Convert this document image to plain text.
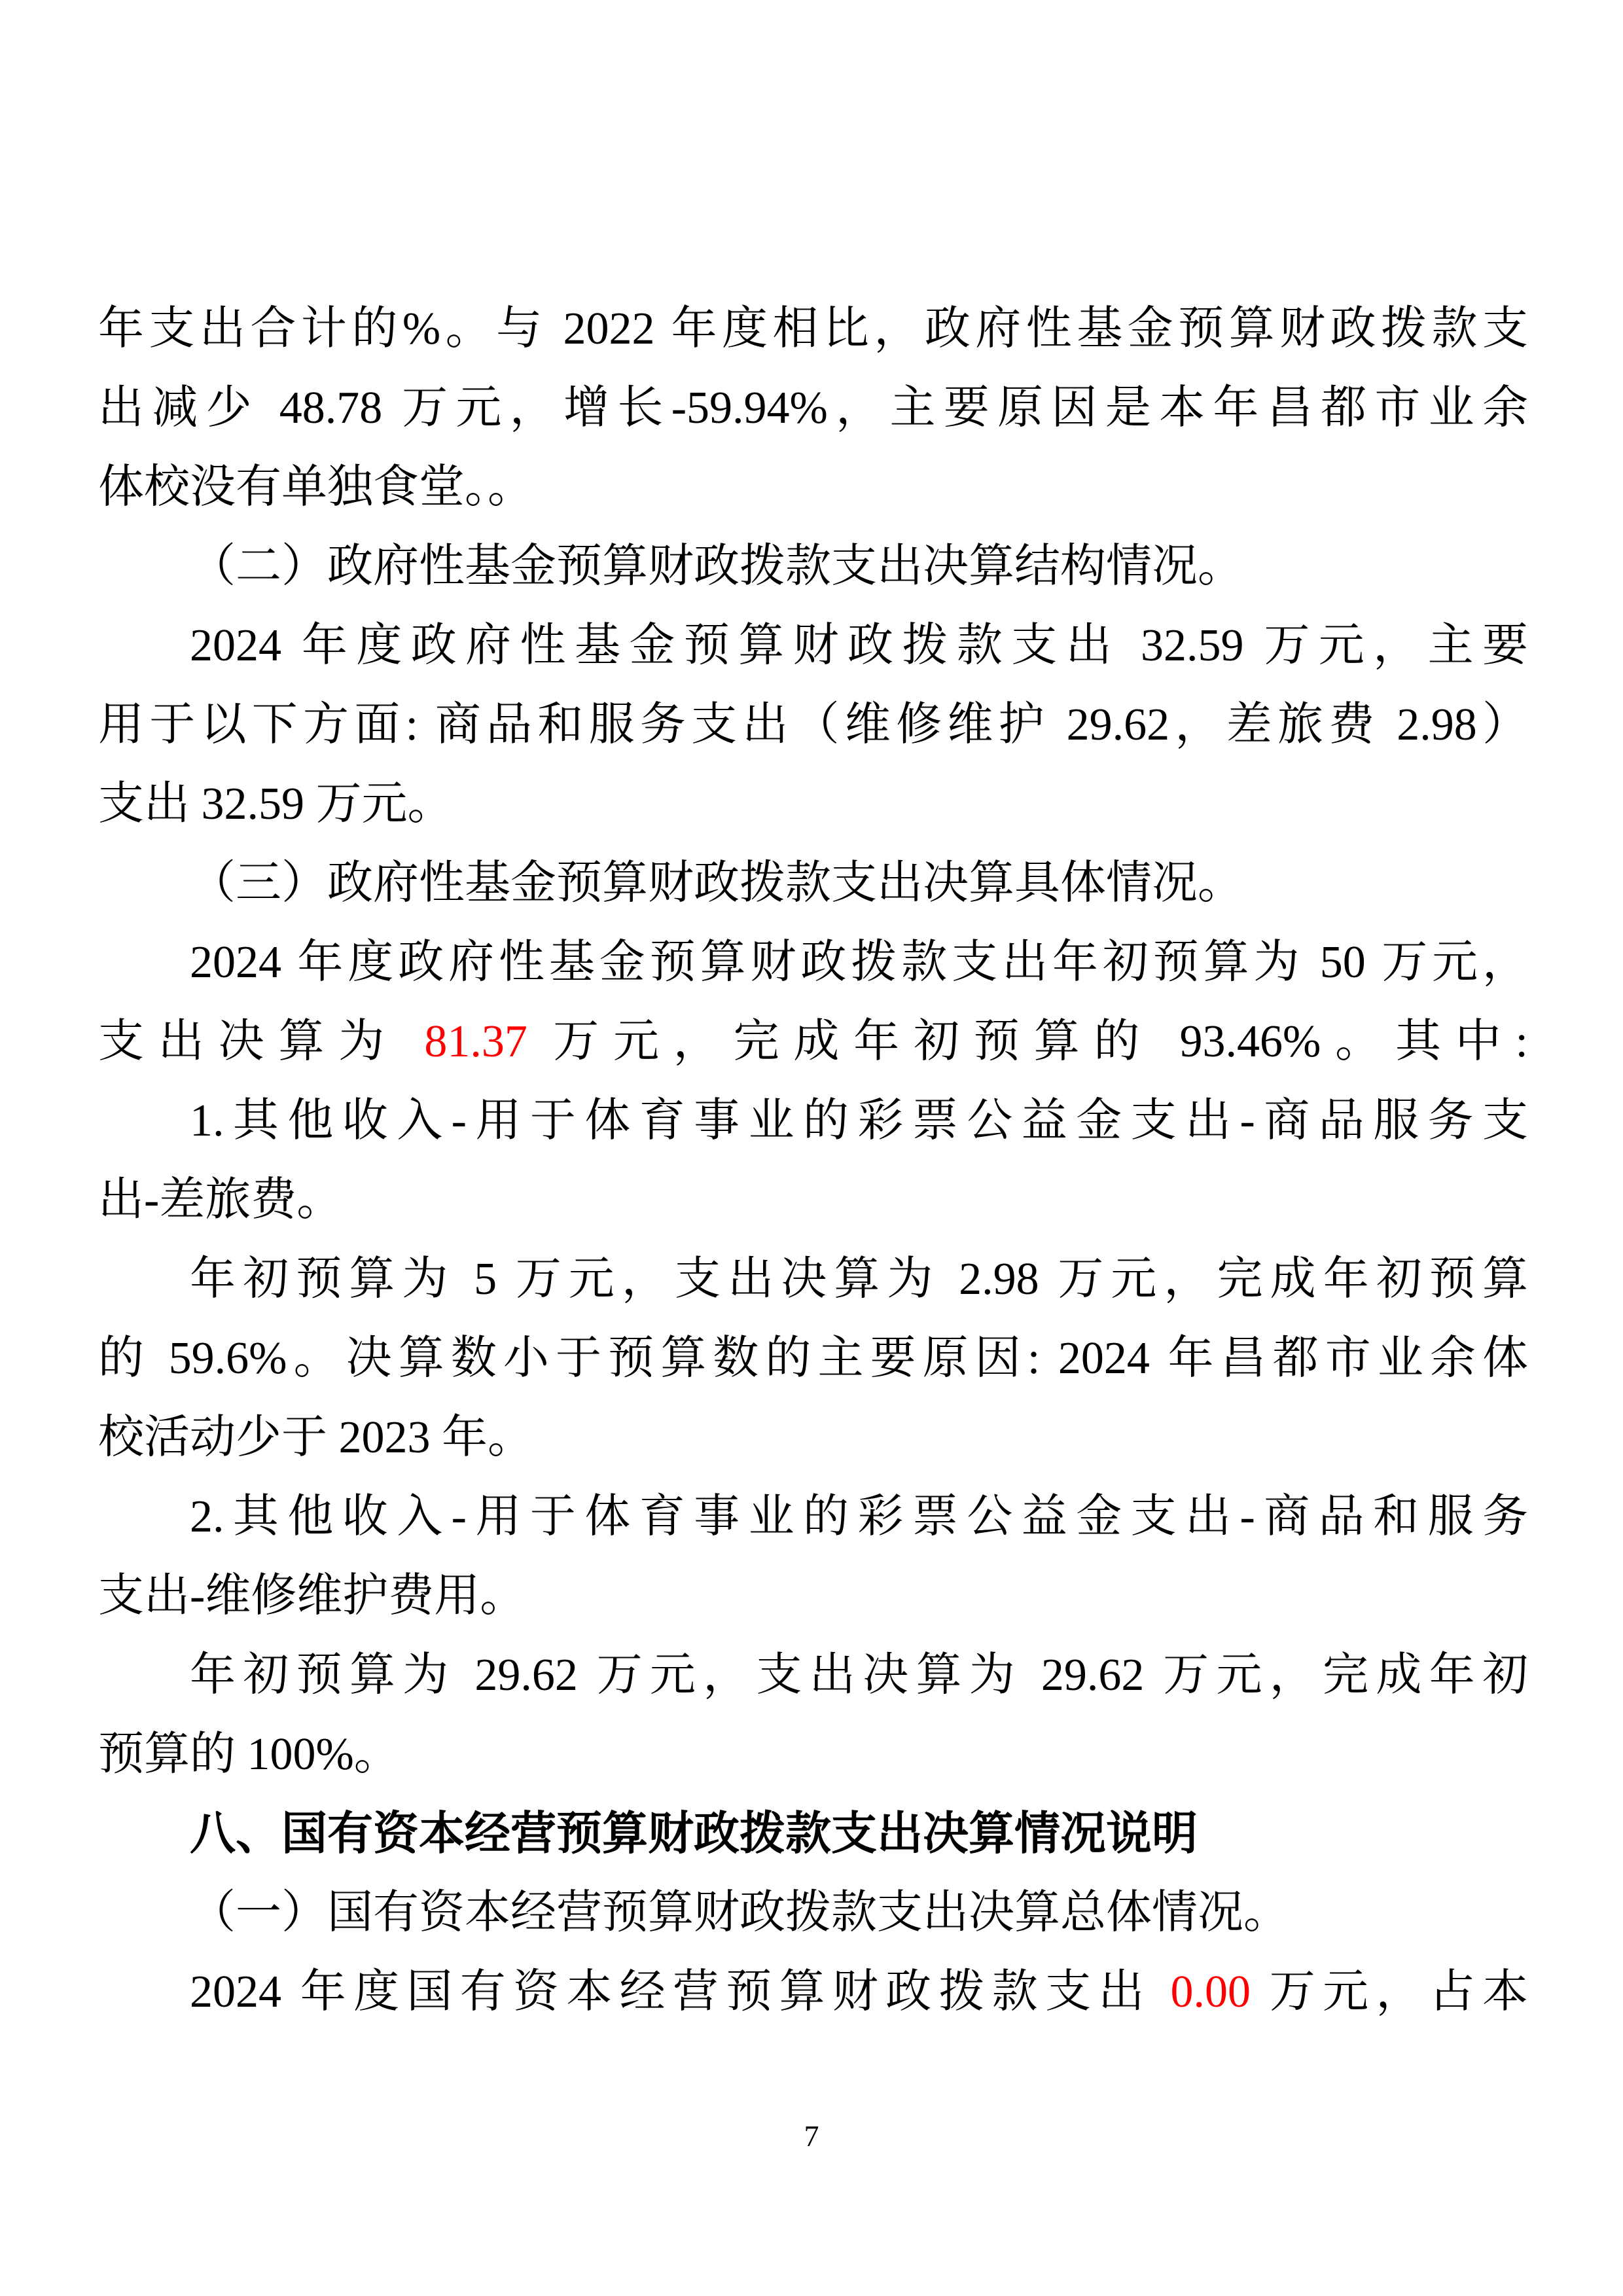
年支出合计的%。与 2022 年度相比，政府性基金预算财政拨款支
出减少 48.78 万元，增长-59.94%，主要原因是本年昌都市业余
体校没有单独食堂。。
（二）政府性基金预算财政拨款支出决算结构情况。
2024 年度政府性基金预算财政拨款支出 32.59 万元，主要
用于以下方面: 商品和服务支出（维修维护 29.62，差旅费 2.98）
支出 32.59 万元。
（三）政府性基金预算财政拨款支出决算具体情况。
2024 年度政府性基金预算财政拨款支出年初预算为 50 万元，
支出决算为 81.37 万元，完成年初预算的 93.46%。其中:
1.其他收入-用于体育事业的彩票公益金支出-商品服务支
出-差旅费。
年初预算为 5 万元，支出决算为 2.98 万元，完成年初预算
的 59.6%。决算数小于预算数的主要原因: 2024 年昌都市业余体
校活动少于 2023 年。
2.其他收入-用于体育事业的彩票公益金支出-商品和服务
支出-维修维护费用。
年初预算为 29.62 万元，支出决算为 29.62 万元，完成年初
预算的 100%。
八、国有资本经营预算财政拨款支出决算情况说明
（一）国有资本经营预算财政拨款支出决算总体情况。
2024 年度国有资本经营预算财政拨款支出 0.00 万元，占本
7
